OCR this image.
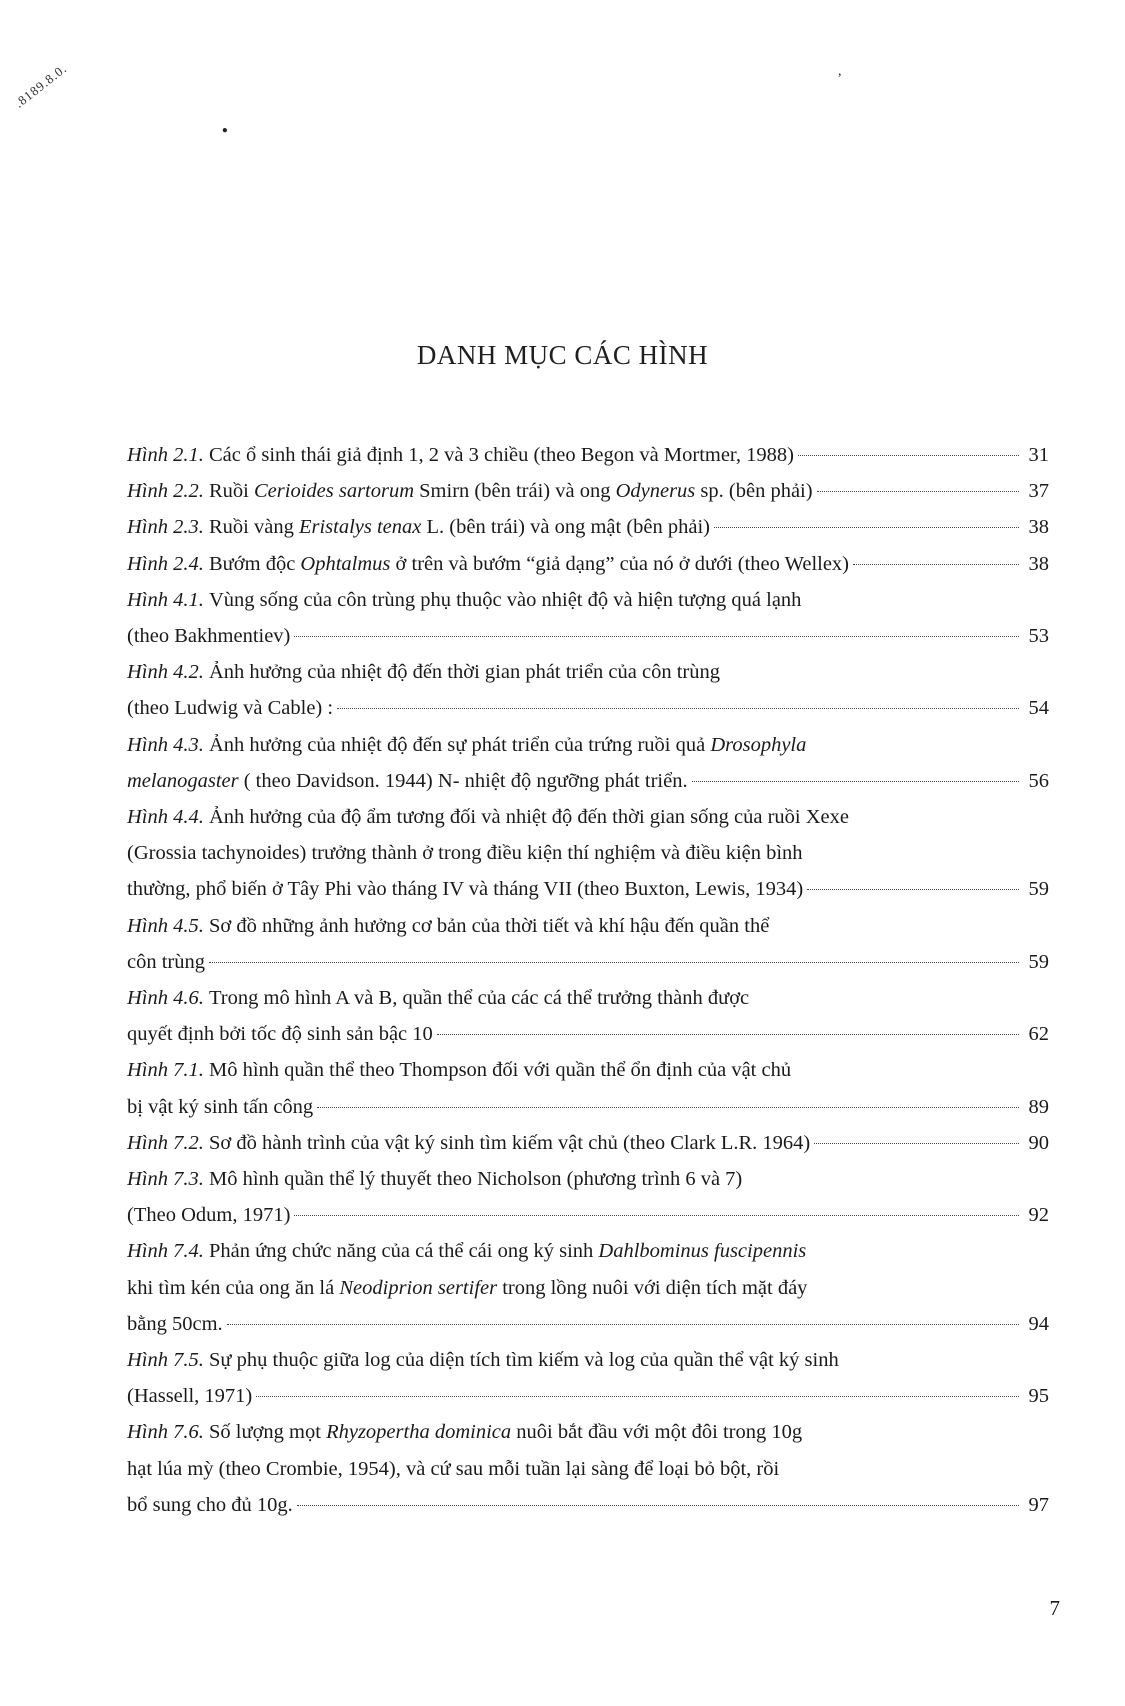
.8189.8.0.
•
,
DANH MỤC CÁC HÌNH
Hình 2.1. Các ổ sinh thái giả định 1, 2 và 3 chiều (theo Begon và Mortmer, 1988)	31
Hình 2.2. Ruồi Cerioides sartorum Smirn (bên trái) và ong Odynerus sp. (bên phải)	37
Hình 2.3. Ruồi vàng Eristalys tenax L. (bên trái) và ong mật (bên phải)	38
Hình 2.4. Bướm độc Ophtalmus ở trên và bướm “giả dạng” của nó ở dưới (theo Wellex)	38
Hình 4.1. Vùng sống của côn trùng phụ thuộc vào nhiệt độ và hiện tượng quá lạnh
(theo Bakhmentiev)	53
Hình 4.2. Ảnh hưởng của nhiệt độ đến thời gian phát triển của côn trùng
(theo Ludwig và Cable) :	54
Hình 4.3. Ảnh hưởng của nhiệt độ đến sự phát triển của trứng ruồi quả Drosophyla
melanogaster ( theo Davidson. 1944) N- nhiệt độ ngưỡng phát triển.	56
Hình 4.4. Ảnh hưởng của độ ẩm tương đối và nhiệt độ đến thời gian sống của ruồi Xexe
(Grossia tachynoides) trưởng thành ở trong điều kiện thí nghiệm và điều kiện bình
thường, phổ biến ở Tây Phi vào tháng IV và tháng VII (theo Buxton, Lewis, 1934)	59
Hình 4.5. Sơ đồ những ảnh hưởng cơ bản của thời tiết và khí hậu đến quần thể
côn trùng	59
Hình 4.6. Trong mô hình A và B, quần thể của các cá thể trưởng thành được
quyết định bởi tốc độ sinh sản bậc 10	62
Hình 7.1. Mô hình quần thể theo Thompson đối với quần thể ổn định của vật chủ
bị vật ký sinh tấn công	89
Hình 7.2. Sơ đồ hành trình của vật ký sinh tìm kiếm vật chủ (theo Clark L.R. 1964)	90
Hình 7.3. Mô hình quần thể lý thuyết theo Nicholson (phương trình 6 và 7)
(Theo Odum, 1971)	92
Hình 7.4. Phản ứng chức năng của cá thể cái ong ký sinh Dahlbominus fuscipennis
khi tìm kén của ong ăn lá Neodiprion sertifer trong lồng nuôi với diện tích mặt đáy
bằng 50cm.	94
Hình 7.5. Sự phụ thuộc giữa log của diện tích tìm kiếm và log của quần thể vật ký sinh
(Hassell, 1971)	95
Hình 7.6. Số lượng mọt Rhyzopertha dominica nuôi bắt đầu với một đôi trong 10g
hạt lúa mỳ (theo Crombie, 1954), và cứ sau mỗi tuần lại sàng để loại bỏ bột, rồi
bổ sung cho đủ 10g.	97
7
